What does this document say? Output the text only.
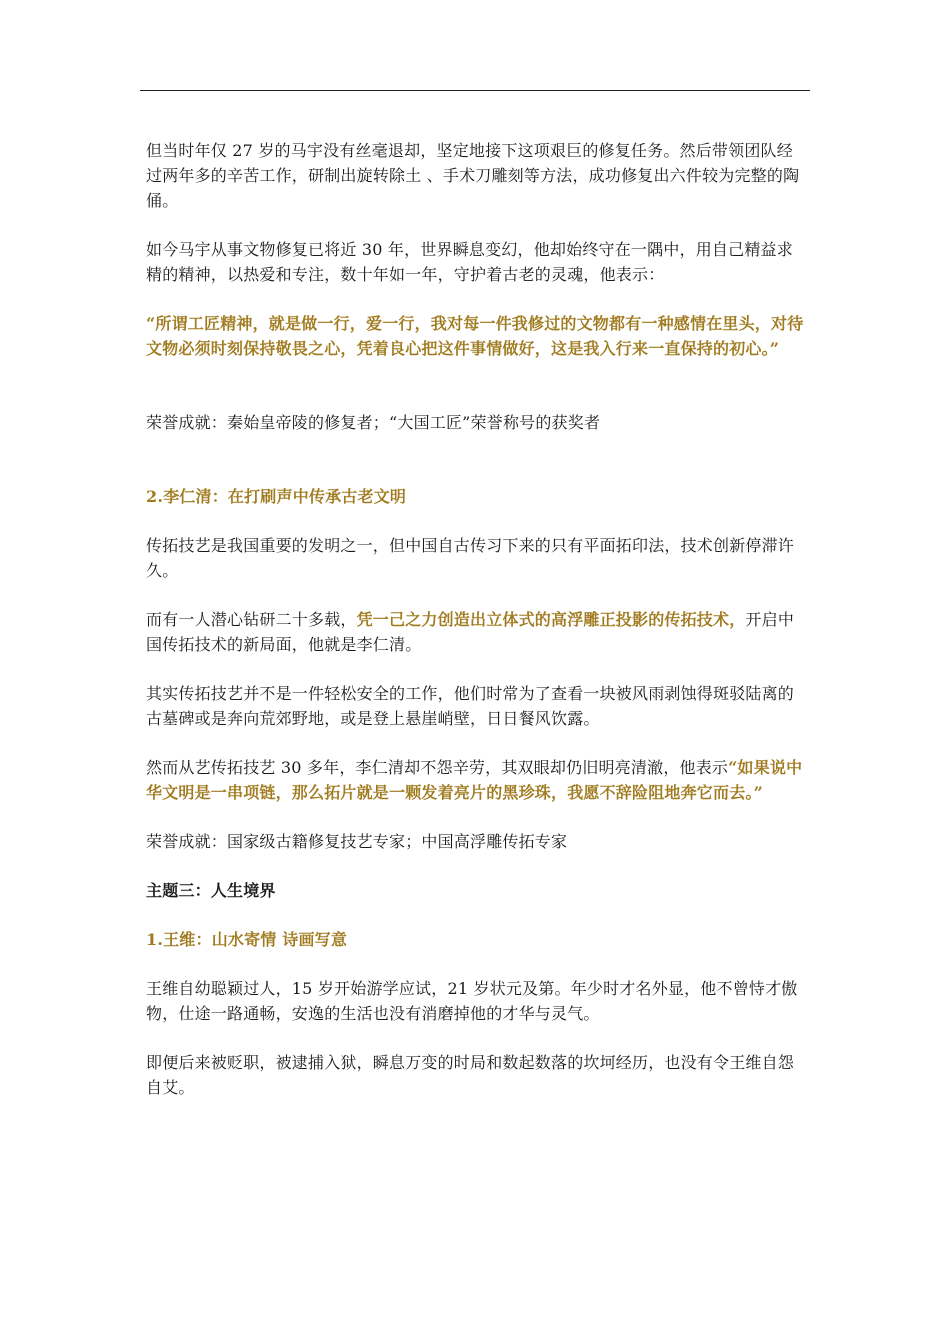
但当时年仅 27 岁的马宇没有丝毫退却，坚定地接下这项艰巨的修复任务。然后带领团队经过两年多的辛苦工作，研制出旋转除土 、手术刀雕刻等方法，成功修复出六件较为完整的陶俑。

如今马宇从事文物修复已将近 30 年，世界瞬息变幻，他却始终守在一隅中，用自己精益求精的精神，以热爱和专注，数十年如一年，守护着古老的灵魂，他表示：

“所谓工匠精神，就是做一行，爱一行，我对每一件我修过的文物都有一种感情在里头，对待文物必须时刻保持敬畏之心，凭着良心把这件事情做好，这是我入行来一直保持的初心。”

荣誉成就：秦始皇帝陵的修复者；“大国工匠”荣誉称号的获奖者

2.李仁清：在打刷声中传承古老文明

传拓技艺是我国重要的发明之一，但中国自古传习下来的只有平面拓印法，技术创新停滞许久。

而有一人潜心钻研二十多载，凭一己之力创造出立体式的高浮雕正投影的传拓技术，开启中国传拓技术的新局面，他就是李仁清。

其实传拓技艺并不是一件轻松安全的工作，他们时常为了查看一块被风雨剥蚀得斑驳陆离的古墓碑或是奔向荒郊野地，或是登上悬崖峭壁，日日餐风饮露。

然而从艺传拓技艺 30 多年，李仁清却不怨辛劳，其双眼却仍旧明亮清澈，他表示“如果说中华文明是一串项链，那么拓片就是一颗发着亮片的黑珍珠，我愿不辞险阻地奔它而去。”

荣誉成就：国家级古籍修复技艺专家；中国高浮雕传拓专家

主题三：人生境界

1.王维：山水寄情 诗画写意

王维自幼聪颖过人，15 岁开始游学应试，21 岁状元及第。年少时才名外显，他不曾恃才傲物，仕途一路通畅，安逸的生活也没有消磨掉他的才华与灵气。

即便后来被贬职，被逮捕入狱，瞬息万变的时局和数起数落的坎坷经历，也没有令王维自怨自艾。
